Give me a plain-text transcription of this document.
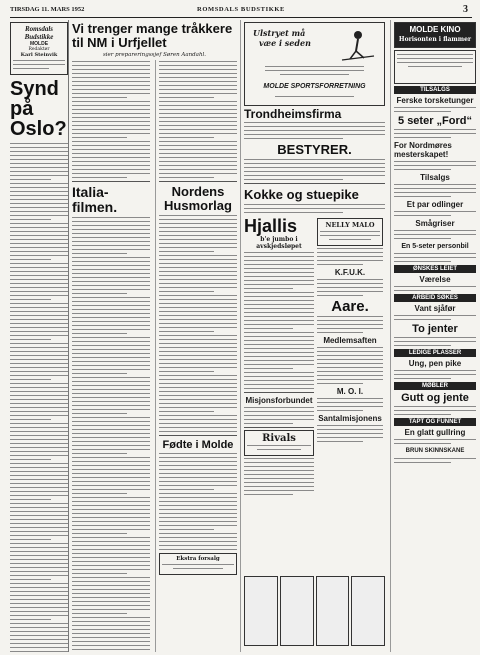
TIRSDAG 11. MARS 1952	ROMSDALS BUDSTIKKE	3
Romsdals Budstikke
MOLDE
Redaktør
Karl Steinvik
Synd på Oslo?
Vi trenger mange tråkkere til NM i Urfjellet
sier prepareringssjef Søren Aandahl.
Italia-filmen.
Nordens Husmorlag
Fødte i Molde
Ekstra forsalg
Ulstryet må
væe i seden
MOLDE SPORTSFORRETNING
Trondheimsfirma
BESTYRER.
Kokke og stuepike
Hjallis
b'e jumbo i avskjedsløpet
Misjonsforbundet
Rivals
NELLY MALO
K.F.U.K.
Aare.
Medlemsaften
M. O. I.
Santalmisjonens
MOLDE KINO
Horisonten i flammer
TILSALGS
Ferske torsketunger
5 seter „Ford“
For Nordmøres mesterskapet!
Tilsalgs
Et par odlinger
Smågriser
En 5-seter personbil
ØNSKES LEIET
Værelse
ARBEID SØKES
Vant sjåfør
To jenter
LEDIGE PLASSER
Ung, pen pike
MØBLER
Gutt og jente
TAPT OG FUNNET
En glatt gullring
BRUN SKINNSKANE
